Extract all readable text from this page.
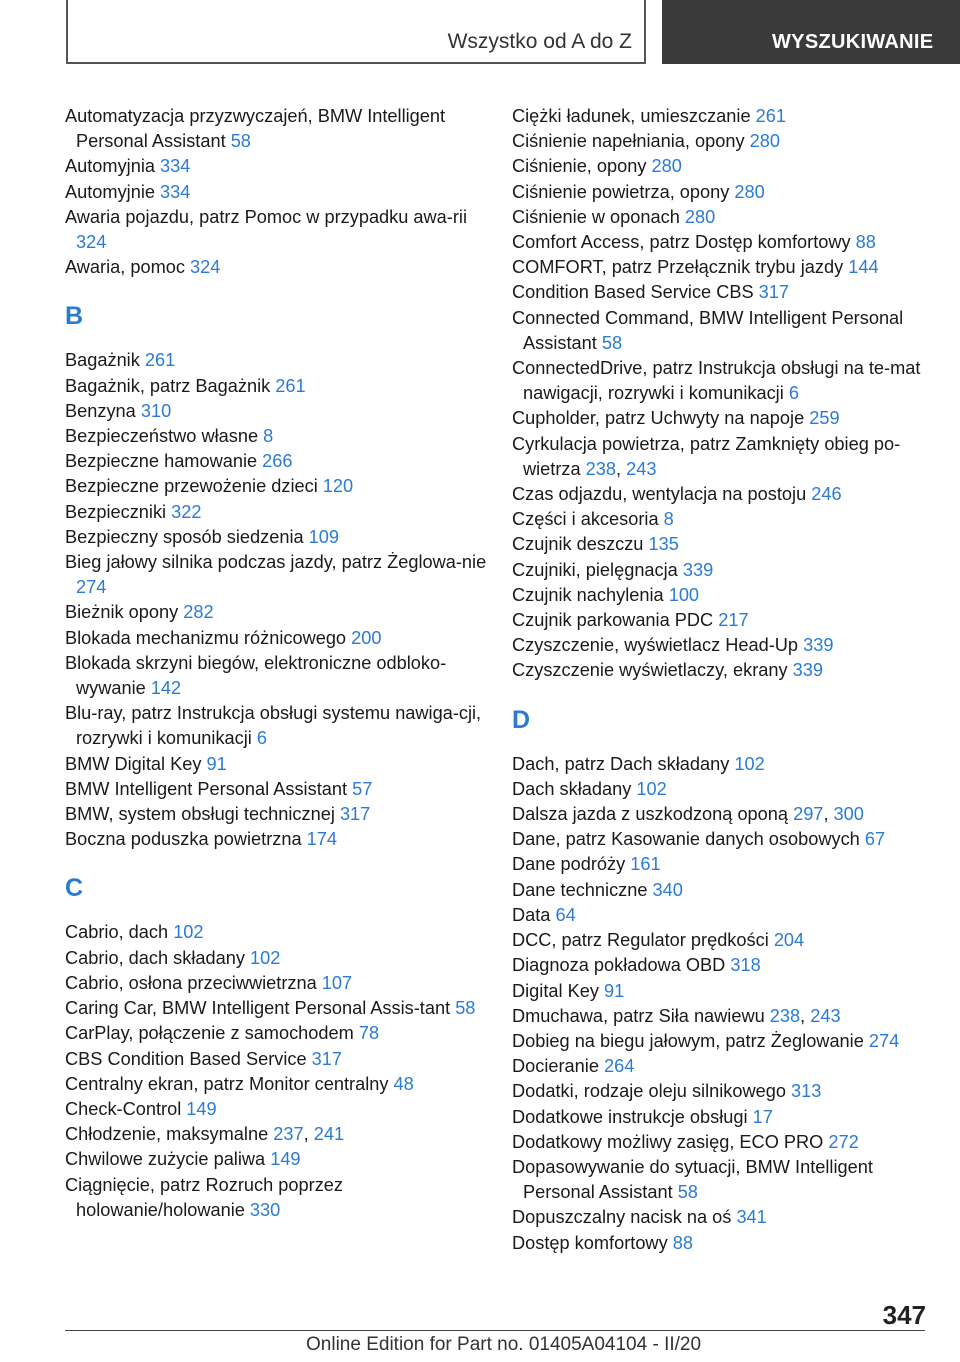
Wszystko od A do Z	WYSZUKIWANIE
Automatyzacja przyzwyczajeń, BMW Intelligent Personal Assistant 58
Automyjnia 334
Automyjnie 334
Awaria pojazdu, patrz Pomoc w przypadku awa-rii 324
Awaria, pomoc 324
B
Bagażnik 261
Bagażnik, patrz Bagażnik 261
Benzyna 310
Bezpieczeństwo własne 8
Bezpieczne hamowanie 266
Bezpieczne przewożenie dzieci 120
Bezpieczniki 322
Bezpieczny sposób siedzenia 109
Bieg jałowy silnika podczas jazdy, patrz Żeglowa-nie 274
Bieżnik opony 282
Blokada mechanizmu różnicowego 200
Blokada skrzyni biegów, elektroniczne odbloko-wywanie 142
Blu-ray, patrz Instrukcja obsługi systemu nawiga-cji, rozrywki i komunikacji 6
BMW Digital Key 91
BMW Intelligent Personal Assistant 57
BMW, system obsługi technicznej 317
Boczna poduszka powietrzna 174
C
Cabrio, dach 102
Cabrio, dach składany 102
Cabrio, osłona przeciwwietrzna 107
Caring Car, BMW Intelligent Personal Assis-tant 58
CarPlay, połączenie z samochodem 78
CBS Condition Based Service 317
Centralny ekran, patrz Monitor centralny 48
Check-Control 149
Chłodzenie, maksymalne 237, 241
Chwilowe zużycie paliwa 149
Ciągnięcie, patrz Rozruch poprzez holowanie/holowanie 330
Ciężki ładunek, umieszczanie 261
Ciśnienie napełniania, opony 280
Ciśnienie, opony 280
Ciśnienie powietrza, opony 280
Ciśnienie w oponach 280
Comfort Access, patrz Dostęp komfortowy 88
COMFORT, patrz Przełącznik trybu jazdy 144
Condition Based Service CBS 317
Connected Command, BMW Intelligent Personal Assistant 58
ConnectedDrive, patrz Instrukcja obsługi na te-mat nawigacji, rozrywki i komunikacji 6
Cupholder, patrz Uchwyty na napoje 259
Cyrkulacja powietrza, patrz Zamknięty obieg po-wietrza 238, 243
Czas odjazdu, wentylacja na postoju 246
Części i akcesoria 8
Czujnik deszczu 135
Czujniki, pielęgnacja 339
Czujnik nachylenia 100
Czujnik parkowania PDC 217
Czyszczenie, wyświetlacz Head-Up 339
Czyszczenie wyświetlaczy, ekrany 339
D
Dach, patrz Dach składany 102
Dach składany 102
Dalsza jazda z uszkodzoną oponą 297, 300
Dane, patrz Kasowanie danych osobowych 67
Dane podróży 161
Dane techniczne 340
Data 64
DCC, patrz Regulator prędkości 204
Diagnoza pokładowa OBD 318
Digital Key 91
Dmuchawa, patrz Siła nawiewu 238, 243
Dobieg na biegu jałowym, patrz Żeglowanie 274
Docieranie 264
Dodatki, rodzaje oleju silnikowego 313
Dodatkowe instrukcje obsługi 17
Dodatkowy możliwy zasięg, ECO PRO 272
Dopasowywanie do sytuacji, BMW Intelligent Personal Assistant 58
Dopuszczalny nacisk na oś 341
Dostęp komfortowy 88
347
Online Edition for Part no. 01405A04104 - II/20
